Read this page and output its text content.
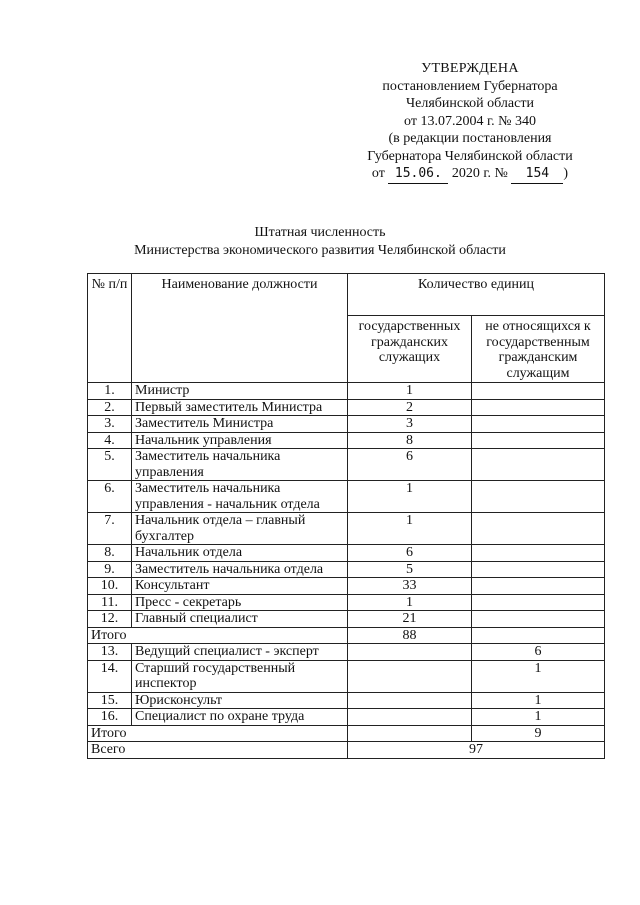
УТВЕРЖДЕНА
постановлением Губернатора
Челябинской области
от 13.07.2004 г. № 340
(в редакции постановления
Губернатора Челябинской области
от 15.06. 2020 г. № 154 )
Штатная численность
Министерства экономического развития Челябинской области
№ п/п	Наименование должности	Количество единиц	
		государственных гражданских служащих	не относящихся к государственным гражданским служащим
1.	Министр	1	
2.	Первый заместитель Министра	2	
3.	Заместитель Министра	3	
4.	Начальник управления	8	
5.	Заместитель начальника управления	6	
6.	Заместитель начальника управления - начальник отдела	1	
7.	Начальник отдела – главный бухгалтер	1	
8.	Начальник отдела	6	
9.	Заместитель начальника отдела	5	
10.	Консультант	33	
11.	Пресс - секретарь	1	
12.	Главный специалист	21	
Итого		88	
13.	Ведущий специалист - эксперт		6
14.	Старший государственный инспектор		1
15.	Юрисконсульт		1
16.	Специалист по охране труда		1
Итого			9
Всего		97	
